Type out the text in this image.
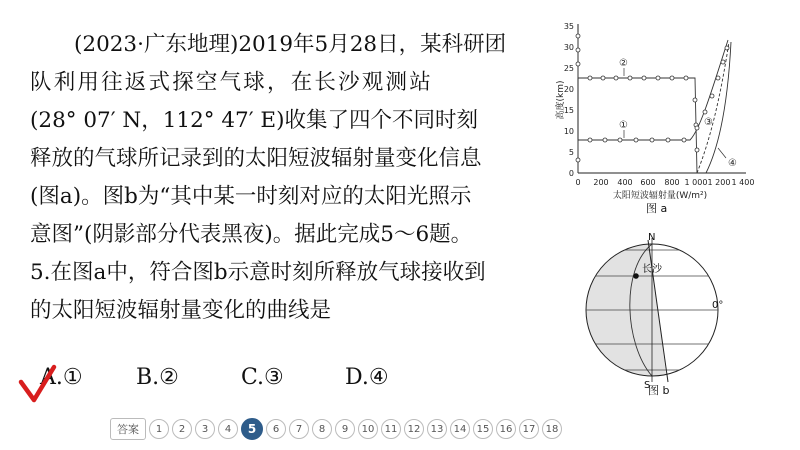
(2023·广东地理)2019年5月28日，某科研团
队利用往返式探空气球，在长沙观测站
(28° 07′ N，112° 47′ E)收集了四个不同时刻
释放的气球所记录到的太阳短波辐射量变化信息
(图a)。图b为“其中某一时刻对应的太阳光照示
意图”(阴影部分代表黑夜)。据此完成5～6题。
5.在图a中，符合图b示意时刻所释放气球接收到
的太阳短波辐射量变化的曲线是
A.① B.②	C.③	D.④
0
5
10
15
20
25
30
35
0 200 400 600 800 1 000 1 200 1 400
太阳短波辐射量(W/m²)
高度(km)
①
②
③
④
图 a
N
S
长沙
0°
图 b
答案	1	2	3	4	5	6	7	8	9	10	11	12	13	14	15	16	17	18
